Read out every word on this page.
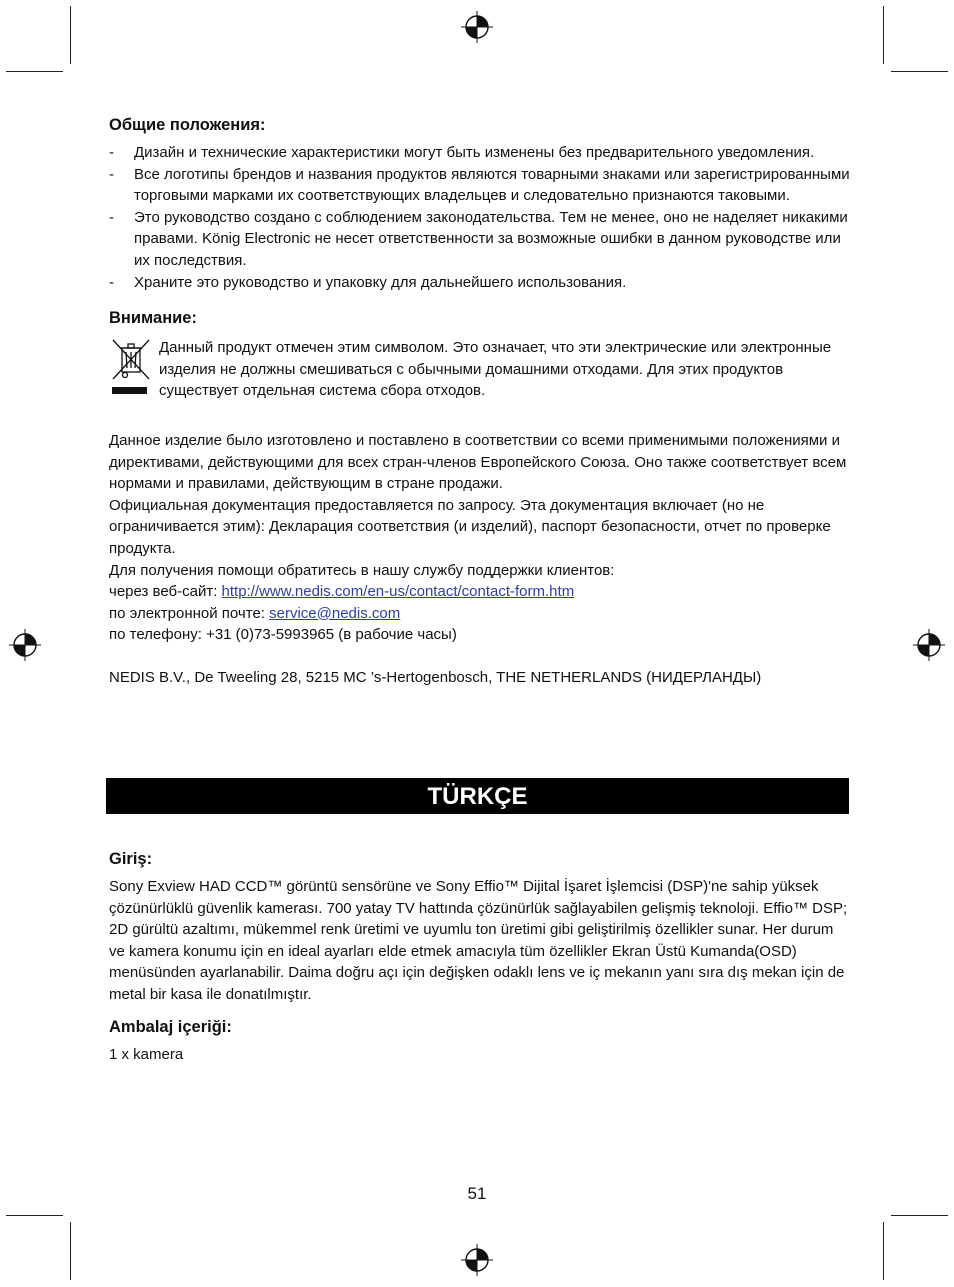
Общие положения:
- Дизайн и технические характеристики могут быть изменены без предварительного уведомления.
- Все логотипы брендов и названия продуктов являются товарными знаками или зарегистрированными торговыми марками их соответствующих владельцев и следовательно признаются таковыми.
- Это руководство создано с соблюдением законодательства. Тем не менее, оно не наделяет никакими правами. König Electronic не несет ответственности за возможные ошибки в данном руководстве или их последствия.
- Храните это руководство и упаковку для дальнейшего использования.
Внимание:

Данный продукт отмечен этим символом. Это означает, что эти электрические или электронные изделия не должны смешиваться с обычными домашними отходами. Для этих продуктов существует отдельная система сбора отходов.

Данное изделие было изготовлено и поставлено в соответствии со всеми применимыми положениями и директивами, действующими для всех стран-членов Европейского Союза. Оно также соответствует всем нормами и правилами, действующим в стране продажи.

Официальная документация предоставляется по запросу. Эта документация включает (но не ограничивается этим): Декларация соответствия (и изделий), паспорт безопасности, отчет по проверке продукта.

Для получения помощи обратитесь в нашу службу поддержки клиентов:

через веб-сайт: http://www.nedis.com/en-us/contact/contact-form.htm

по электронной почте: service@nedis.com

по телефону: +31 (0)73-5993965 (в рабочие часы)

NEDIS B.V., De Tweeling 28, 5215 MC ’s-Hertogenbosch, THE NETHERLANDS (НИДЕРЛАНДЫ)

TÜRKÇE
Giriş:

Sony Exview HAD CCD™ görüntü sensörüne ve Sony Effio™ Dijital İşaret İşlemcisi (DSP)'ne sahip yüksek çözünürlüklü güvenlik kamerası. 700 yatay TV hattında çözünürlük sağlayabilen gelişmiş teknoloji. Effio™ DSP; 2D gürültü azaltımı, mükemmel renk üretimi ve uyumlu ton üretimi gibi geliştirilmiş özellikler sunar. Her durum ve kamera konumu için en ideal ayarları elde etmek amacıyla tüm özellikler Ekran Üstü Kumanda(OSD) menüsünden ayarlanabilir. Daima doğru açı için değişken odaklı lens ve iç mekanın yanı sıra dış mekan için de metal bir kasa ile donatılmıştır.

Ambalaj içeriği:

1 x kamera

51
